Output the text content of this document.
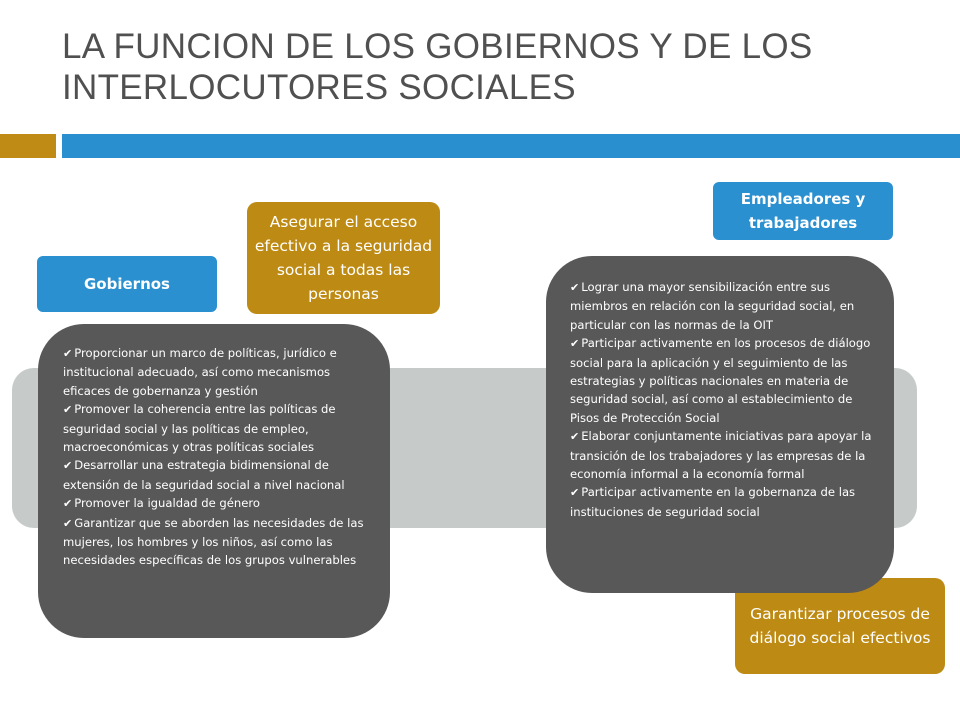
LA FUNCION DE LOS GOBIERNOS Y DE LOS
INTERLOCUTORES SOCIALES
Gobiernos
Empleadores y trabajadores
Asegurar el acceso efectivo a la seguridad social a todas las personas
Garantizar procesos de diálogo social efectivos
✔ Proporcionar un marco de políticas, jurídico e institucional adecuado, así como mecanismos eficaces de gobernanza y gestión
✔ Promover la coherencia entre las políticas de seguridad social y las políticas de empleo, macroeconómicas y otras políticas sociales
✔ Desarrollar una estrategia bidimensional de extensión de la seguridad social a nivel nacional
✔ Promover la igualdad de género
✔ Garantizar que se aborden las necesidades de las mujeres, los hombres y los niños, así como las necesidades específicas de los grupos vulnerables
✔ Lograr una mayor sensibilización entre sus miembros en relación con la seguridad social, en particular con las normas de la OIT
✔ Participar activamente en los procesos de diálogo social para la aplicación y el seguimiento de las estrategias y políticas nacionales en materia de seguridad social, así como al establecimiento de Pisos de Protección Social
✔ Elaborar conjuntamente iniciativas para apoyar la transición de los trabajadores y las empresas de la economía informal a la economía formal
✔ Participar activamente en la gobernanza de las instituciones de seguridad social
